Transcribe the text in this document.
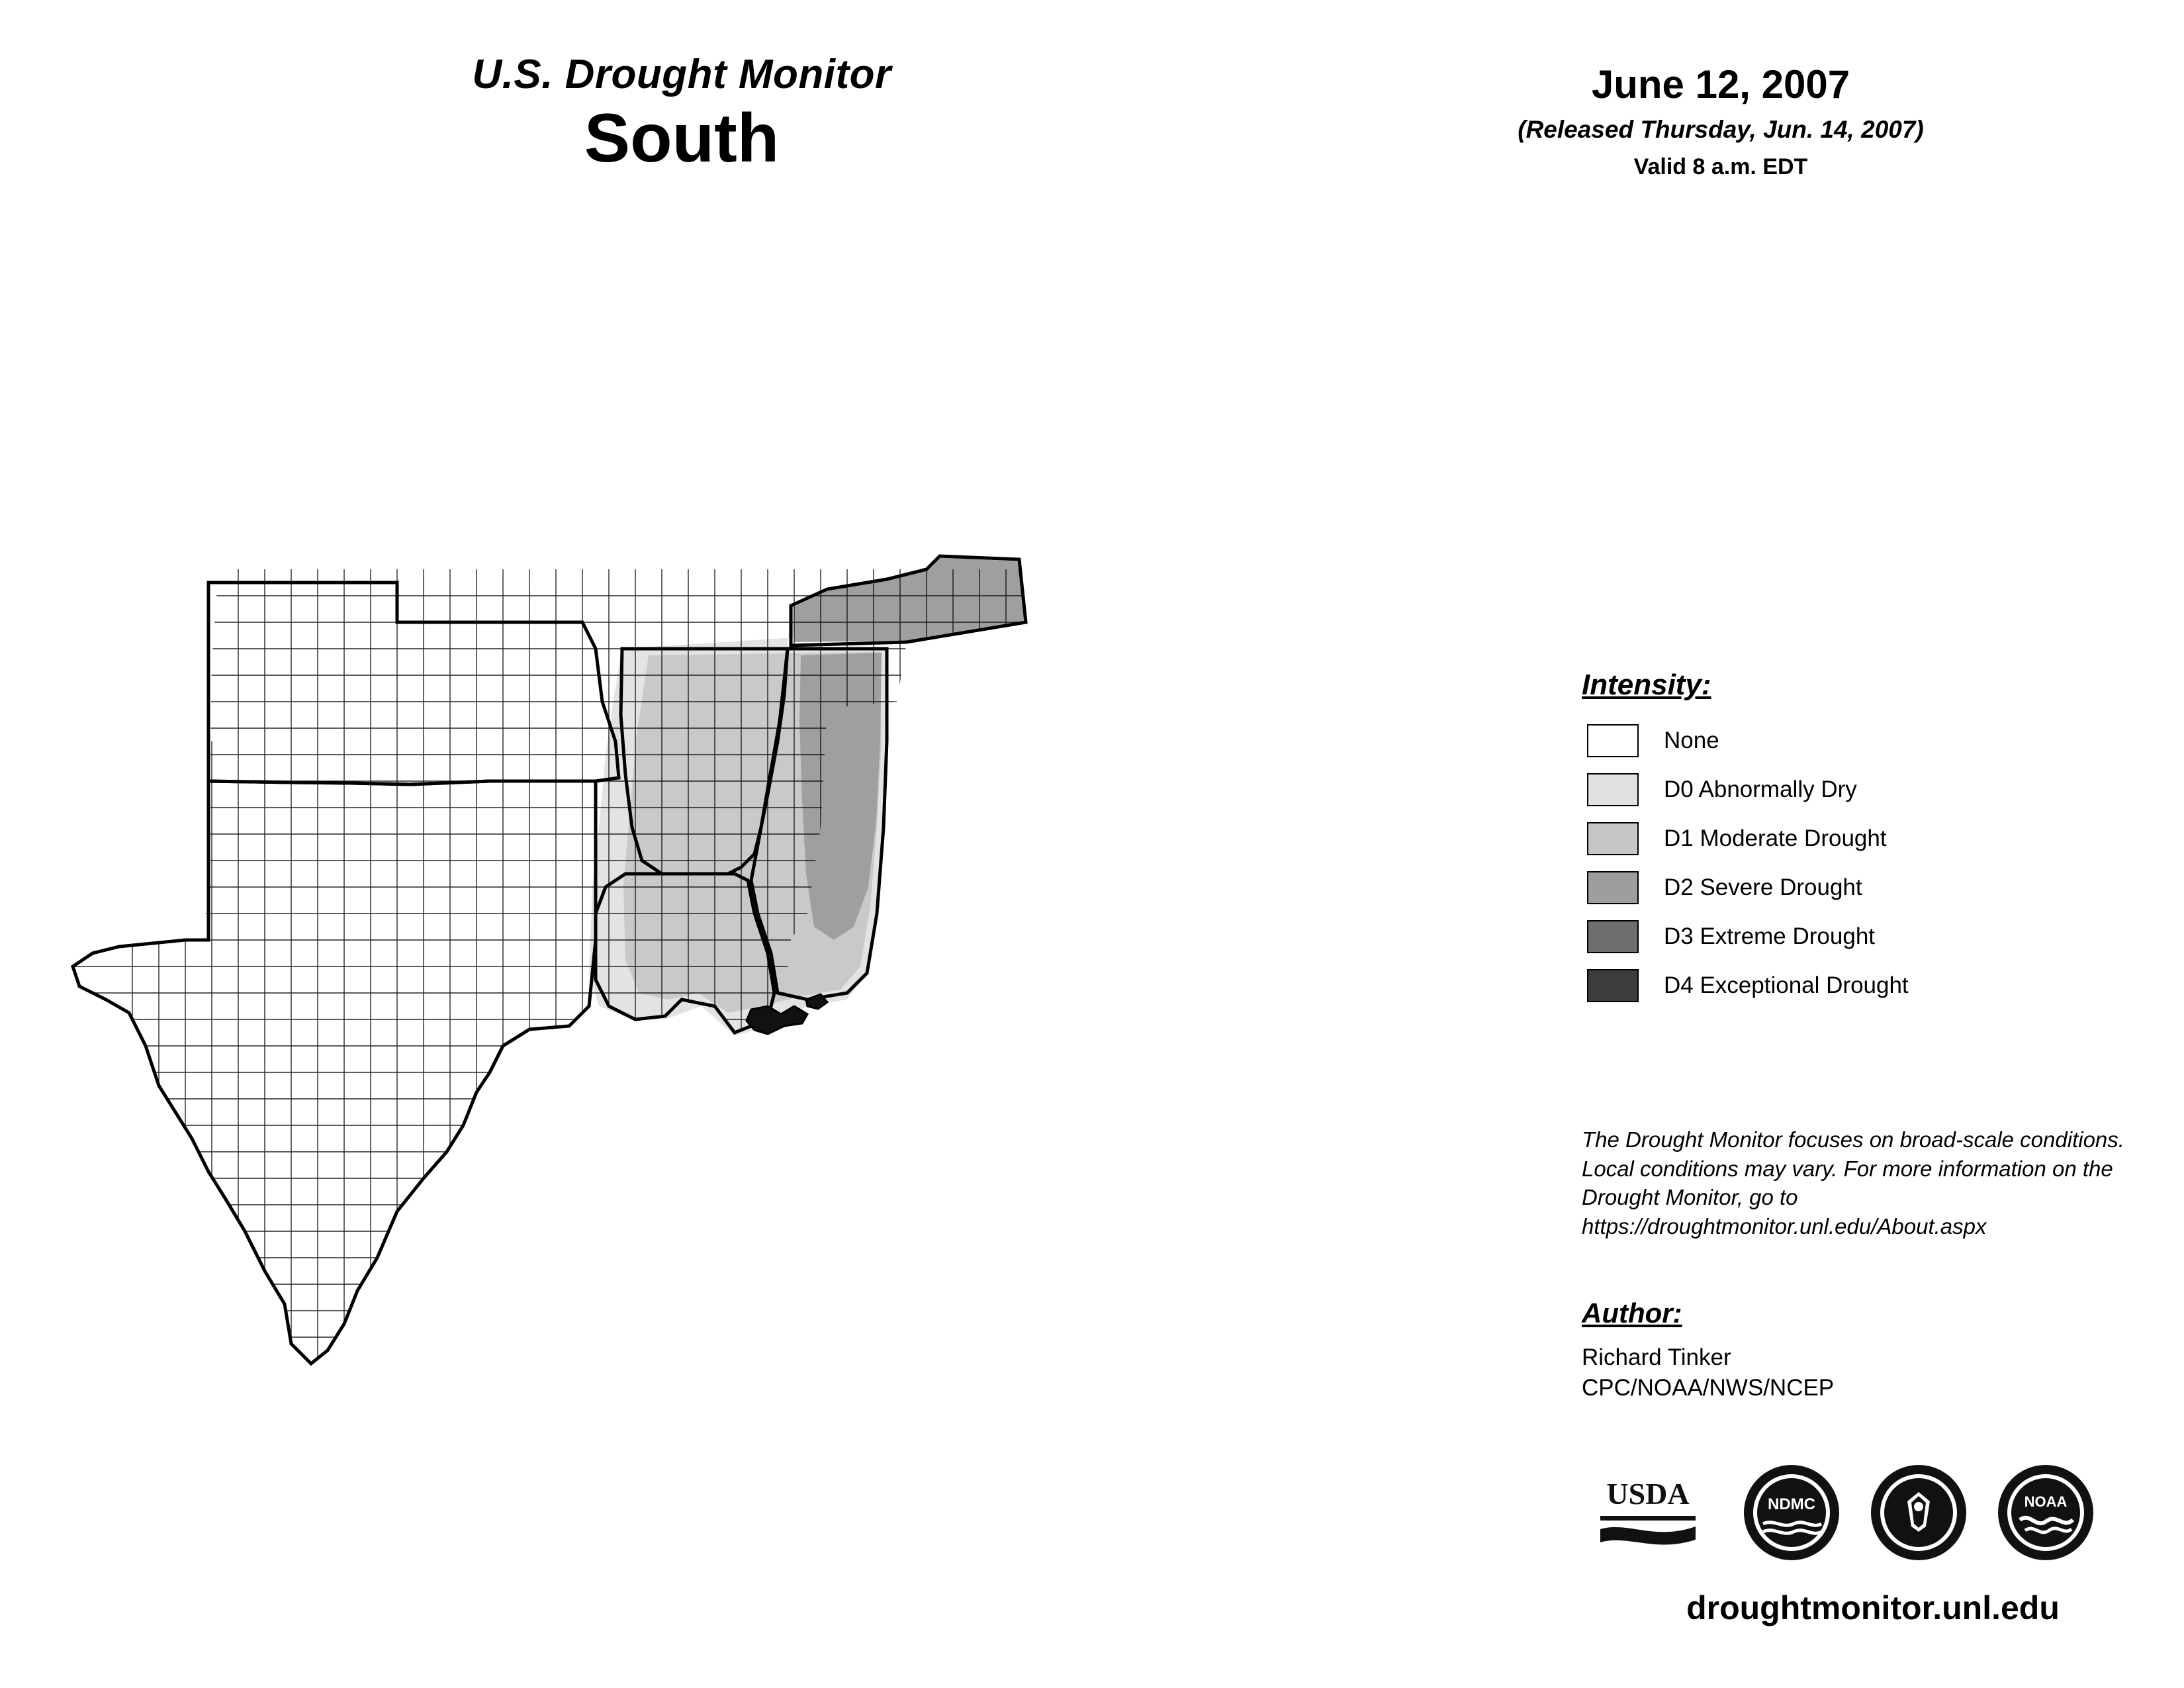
U.S. Drought Monitor
South
June 12, 2007
(Released Thursday, Jun. 14, 2007)
Valid 8 a.m. EDT
Intensity:
None
D0 Abnormally Dry
D1 Moderate Drought
D2 Severe Drought
D3 Extreme Drought
D4 Exceptional Drought
The Drought Monitor focuses on broad-scale conditions. Local conditions may vary. For more information on the Drought Monitor, go to https://droughtmonitor.unl.edu/About.aspx
Author:
Richard Tinker
CPC/NOAA/NWS/NCEP
USDA	NDMC	NOAA
droughtmonitor.unl.edu
